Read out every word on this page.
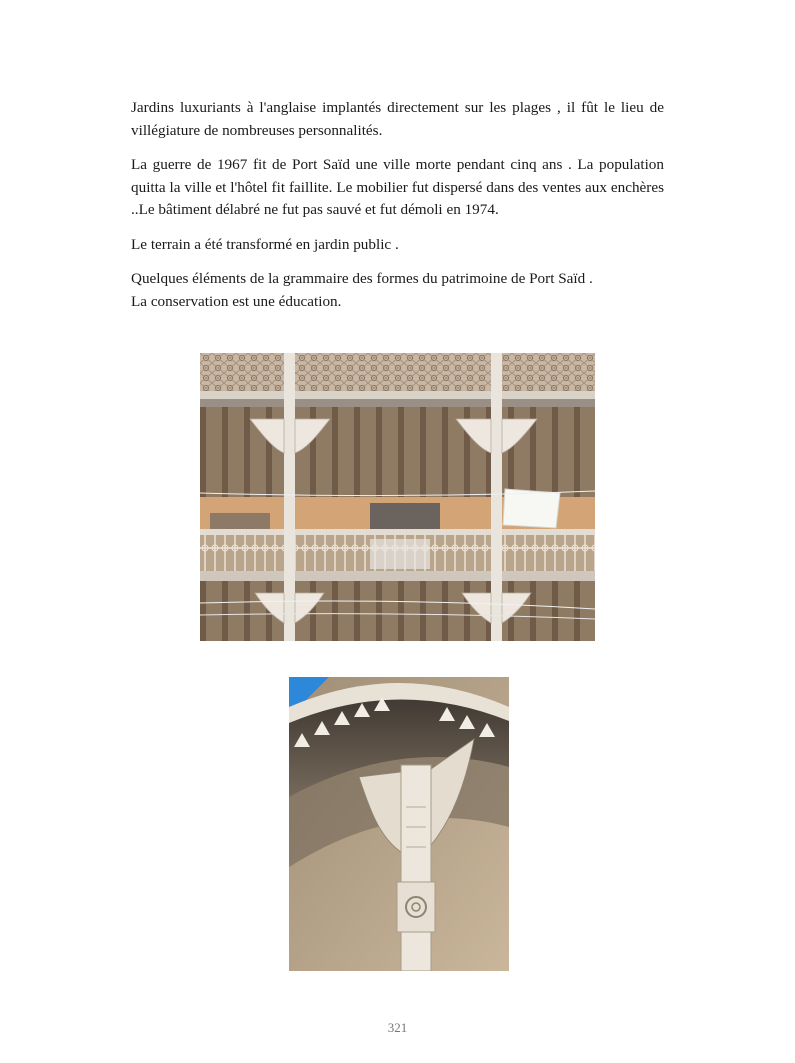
Jardins luxuriants à l'anglaise implantés directement sur les plages , il fût le lieu de villégiature de nombreuses personnalités.

La guerre de 1967 fit de Port Saïd une ville morte pendant cinq ans . La population quitta la ville et l'hôtel fit faillite. Le mobilier fut dispersé dans des ventes aux enchères ..Le bâtiment délabré ne fut pas sauvé et fut démoli en 1974.

Le terrain a été transformé en jardin public .

Quelques éléments de la grammaire des formes du patrimoine de Port Saïd .
La conservation est une éducation.

321
